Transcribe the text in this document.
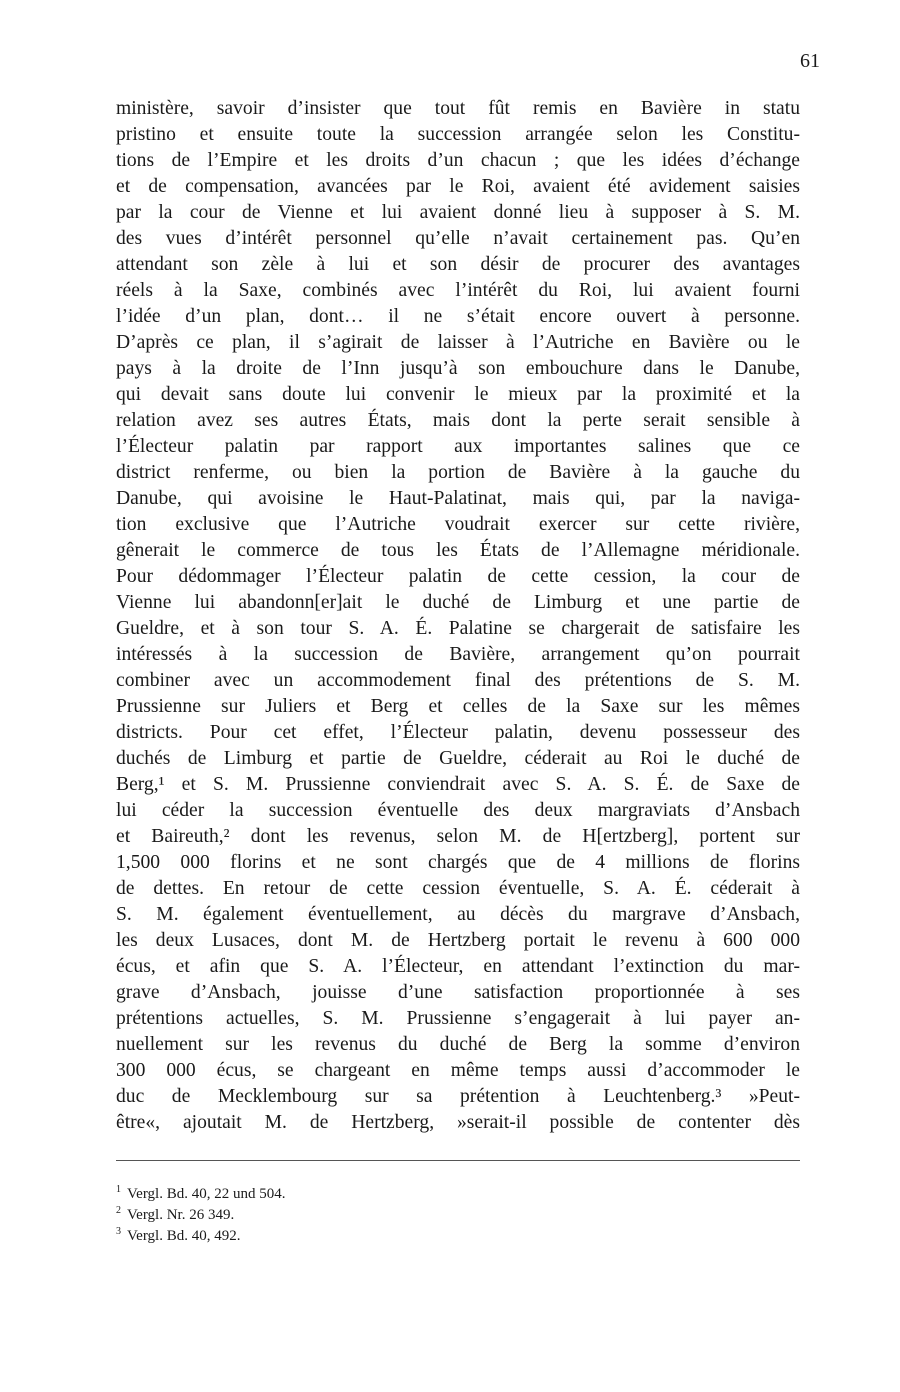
61
ministère, savoir d’insister que tout fût remis en Bavière in statu
pristino et ensuite toute la succession arrangée selon les Constitu-
tions de l’Empire et les droits d’un chacun ; que les idées d’échange
et de compensation, avancées par le Roi, avaient été avidement saisies
par la cour de Vienne et lui avaient donné lieu à supposer à S. M.
des vues d’intérêt personnel qu’elle n’avait certainement pas. Qu’en
attendant son zèle à lui et son désir de procurer des avantages
réels à la Saxe, combinés avec l’intérêt du Roi, lui avaient fourni
l’idée d’un plan, dont… il ne s’était encore ouvert à personne.
D’après ce plan, il s’agirait de laisser à l’Autriche en Bavière ou le
pays à la droite de l’Inn jusqu’à son embouchure dans le Danube,
qui devait sans doute lui convenir le mieux par la proximité et la
relation avez ses autres États, mais dont la perte serait sensible à
l’Électeur palatin par rapport aux importantes salines que ce
district renferme, ou bien la portion de Bavière à la gauche du
Danube, qui avoisine le Haut-Palatinat, mais qui, par la naviga-
tion exclusive que l’Autriche voudrait exercer sur cette rivière,
gênerait le commerce de tous les États de l’Allemagne méridionale.
Pour dédommager l’Électeur palatin de cette cession, la cour de
Vienne lui abandonn[er]ait le duché de Limburg et une partie de
Gueldre, et à son tour S. A. É. Palatine se chargerait de satisfaire les
intéressés à la succession de Bavière, arrangement qu’on pourrait
combiner avec un accommodement final des prétentions de S. M.
Prussienne sur Juliers et Berg et celles de la Saxe sur les mêmes
districts. Pour cet effet, l’Électeur palatin, devenu possesseur des
duchés de Limburg et partie de Gueldre, céderait au Roi le duché de
Berg,¹ et S. M. Prussienne conviendrait avec S. A. S. É. de Saxe de
lui céder la succession éventuelle des deux margraviats d’Ansbach
et Baireuth,² dont les revenus, selon M. de H[ertzberg], portent sur
1,500 000 florins et ne sont chargés que de 4 millions de florins
de dettes. En retour de cette cession éventuelle, S. A. É. céderait à
S. M. également éventuellement, au décès du margrave d’Ansbach,
les deux Lusaces, dont M. de Hertzberg portait le revenu à 600 000
écus, et afin que S. A. l’Électeur, en attendant l’extinction du mar-
grave d’Ansbach, jouisse d’une satisfaction proportionnée à ses
prétentions actuelles, S. M. Prussienne s’engagerait à lui payer an-
nuellement sur les revenus du duché de Berg la somme d’environ
300 000 écus, se chargeant en même temps aussi d’accommoder le
duc de Mecklembourg sur sa prétention à Leuchtenberg.³ »Peut-
être«, ajoutait M. de Hertzberg, »serait-il possible de contenter dès
$^1$ Vergl. Bd. 40, 22 und 504.
$^2$ Vergl. Nr. 26 349.
$^3$ Vergl. Bd. 40, 492.
